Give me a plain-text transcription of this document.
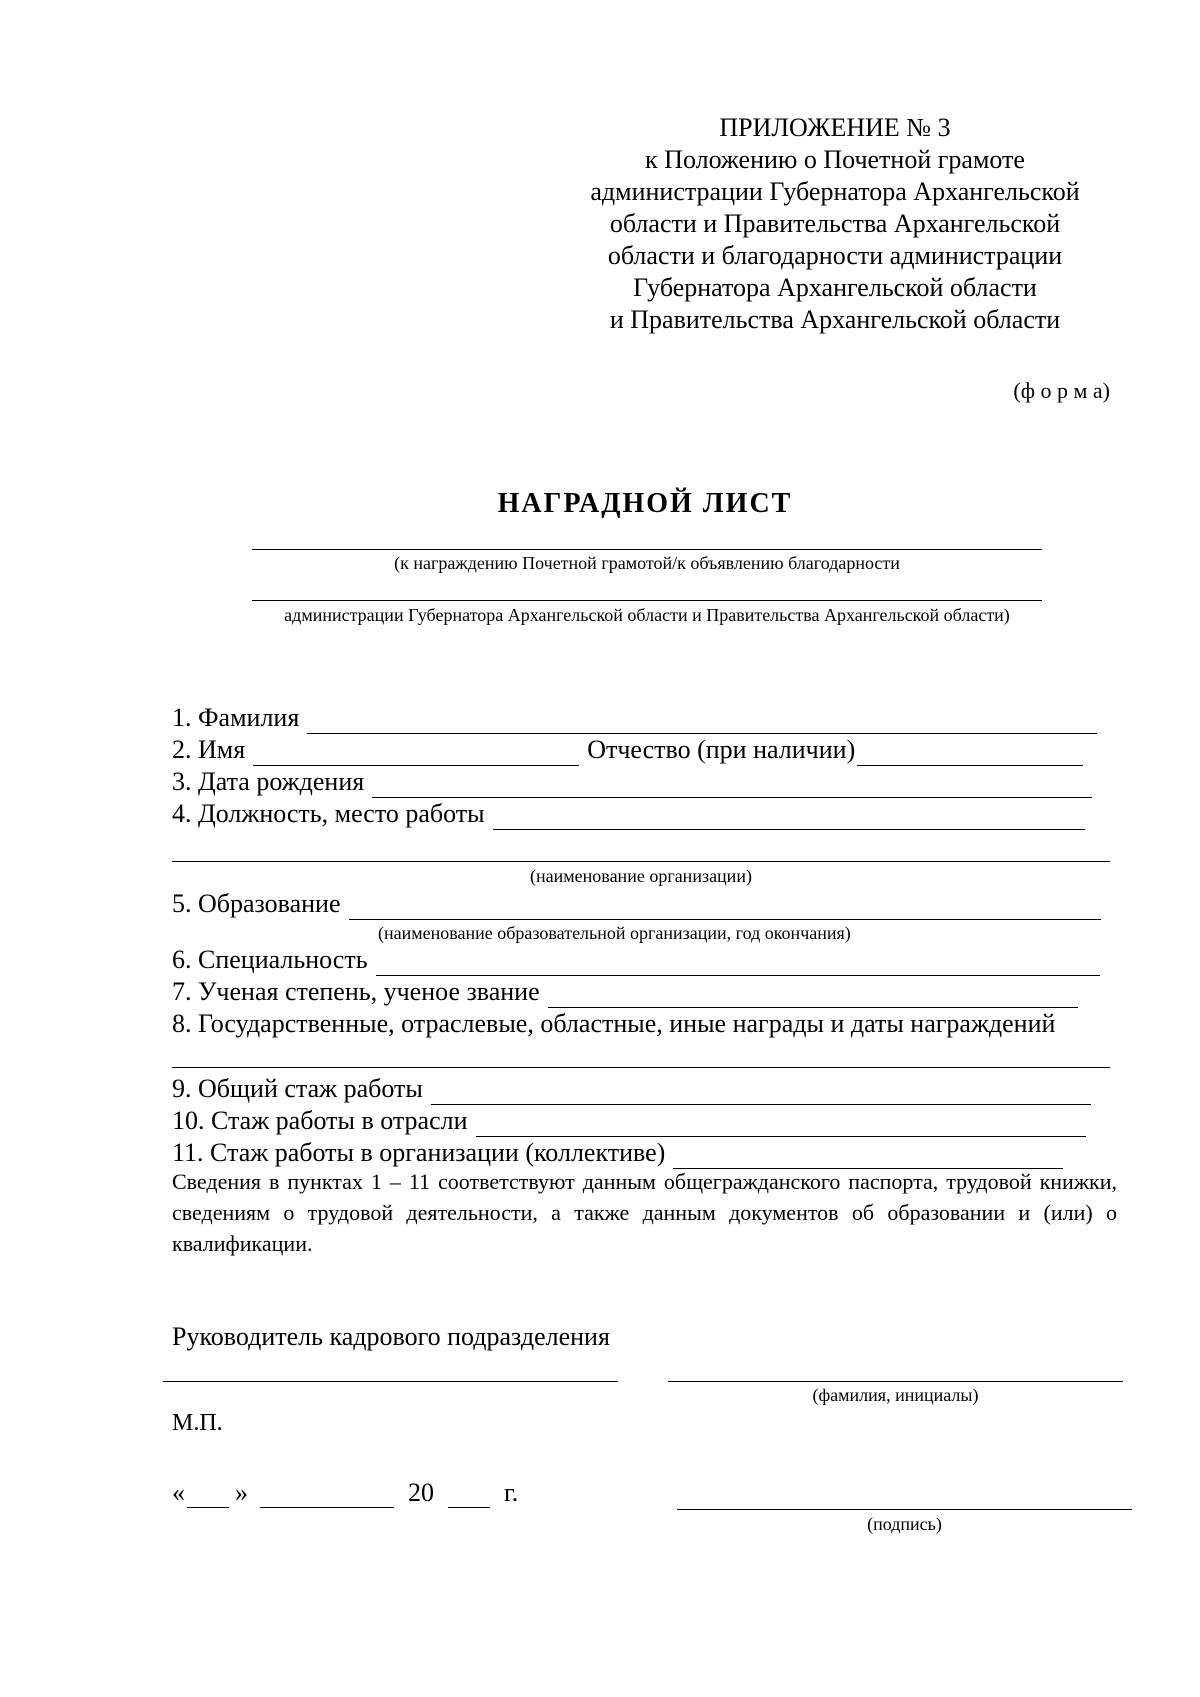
ПРИЛОЖЕНИЕ № 3
к Положению о Почетной грамоте
администрации Губернатора Архангельской
области и Правительства Архангельской
области и благодарности администрации
Губернатора Архангельской области
и Правительства Архангельской области
(ф о р м а)
НАГРАДНОЙ ЛИСТ
(к награждению Почетной грамотой/к объявлению благодарности
администрации Губернатора Архангельской области и Правительства Архангельской области)
1. Фамилия
2. Имя	Отчество (при наличии)
3. Дата рождения
4. Должность, место работы
(наименование организации)
5. Образование
(наименование образовательной организации, год окончания)
6. Специальность
7. Ученая степень, ученое звание
8. Государственные, отраслевые, областные, иные награды и даты награждений
9. Общий стаж работы
10. Стаж работы в отрасли
11. Стаж работы в организации (коллективе)
Сведения в пунктах 1 – 11 соответствуют данным общегражданского паспорта, трудовой книжки, сведениям о трудовой деятельности, а также данным документов об образовании и (или) о квалификации.
Руководитель кадрового подразделения
(фамилия, инициалы)
М.П.
« »	20	г.
(подпись)
